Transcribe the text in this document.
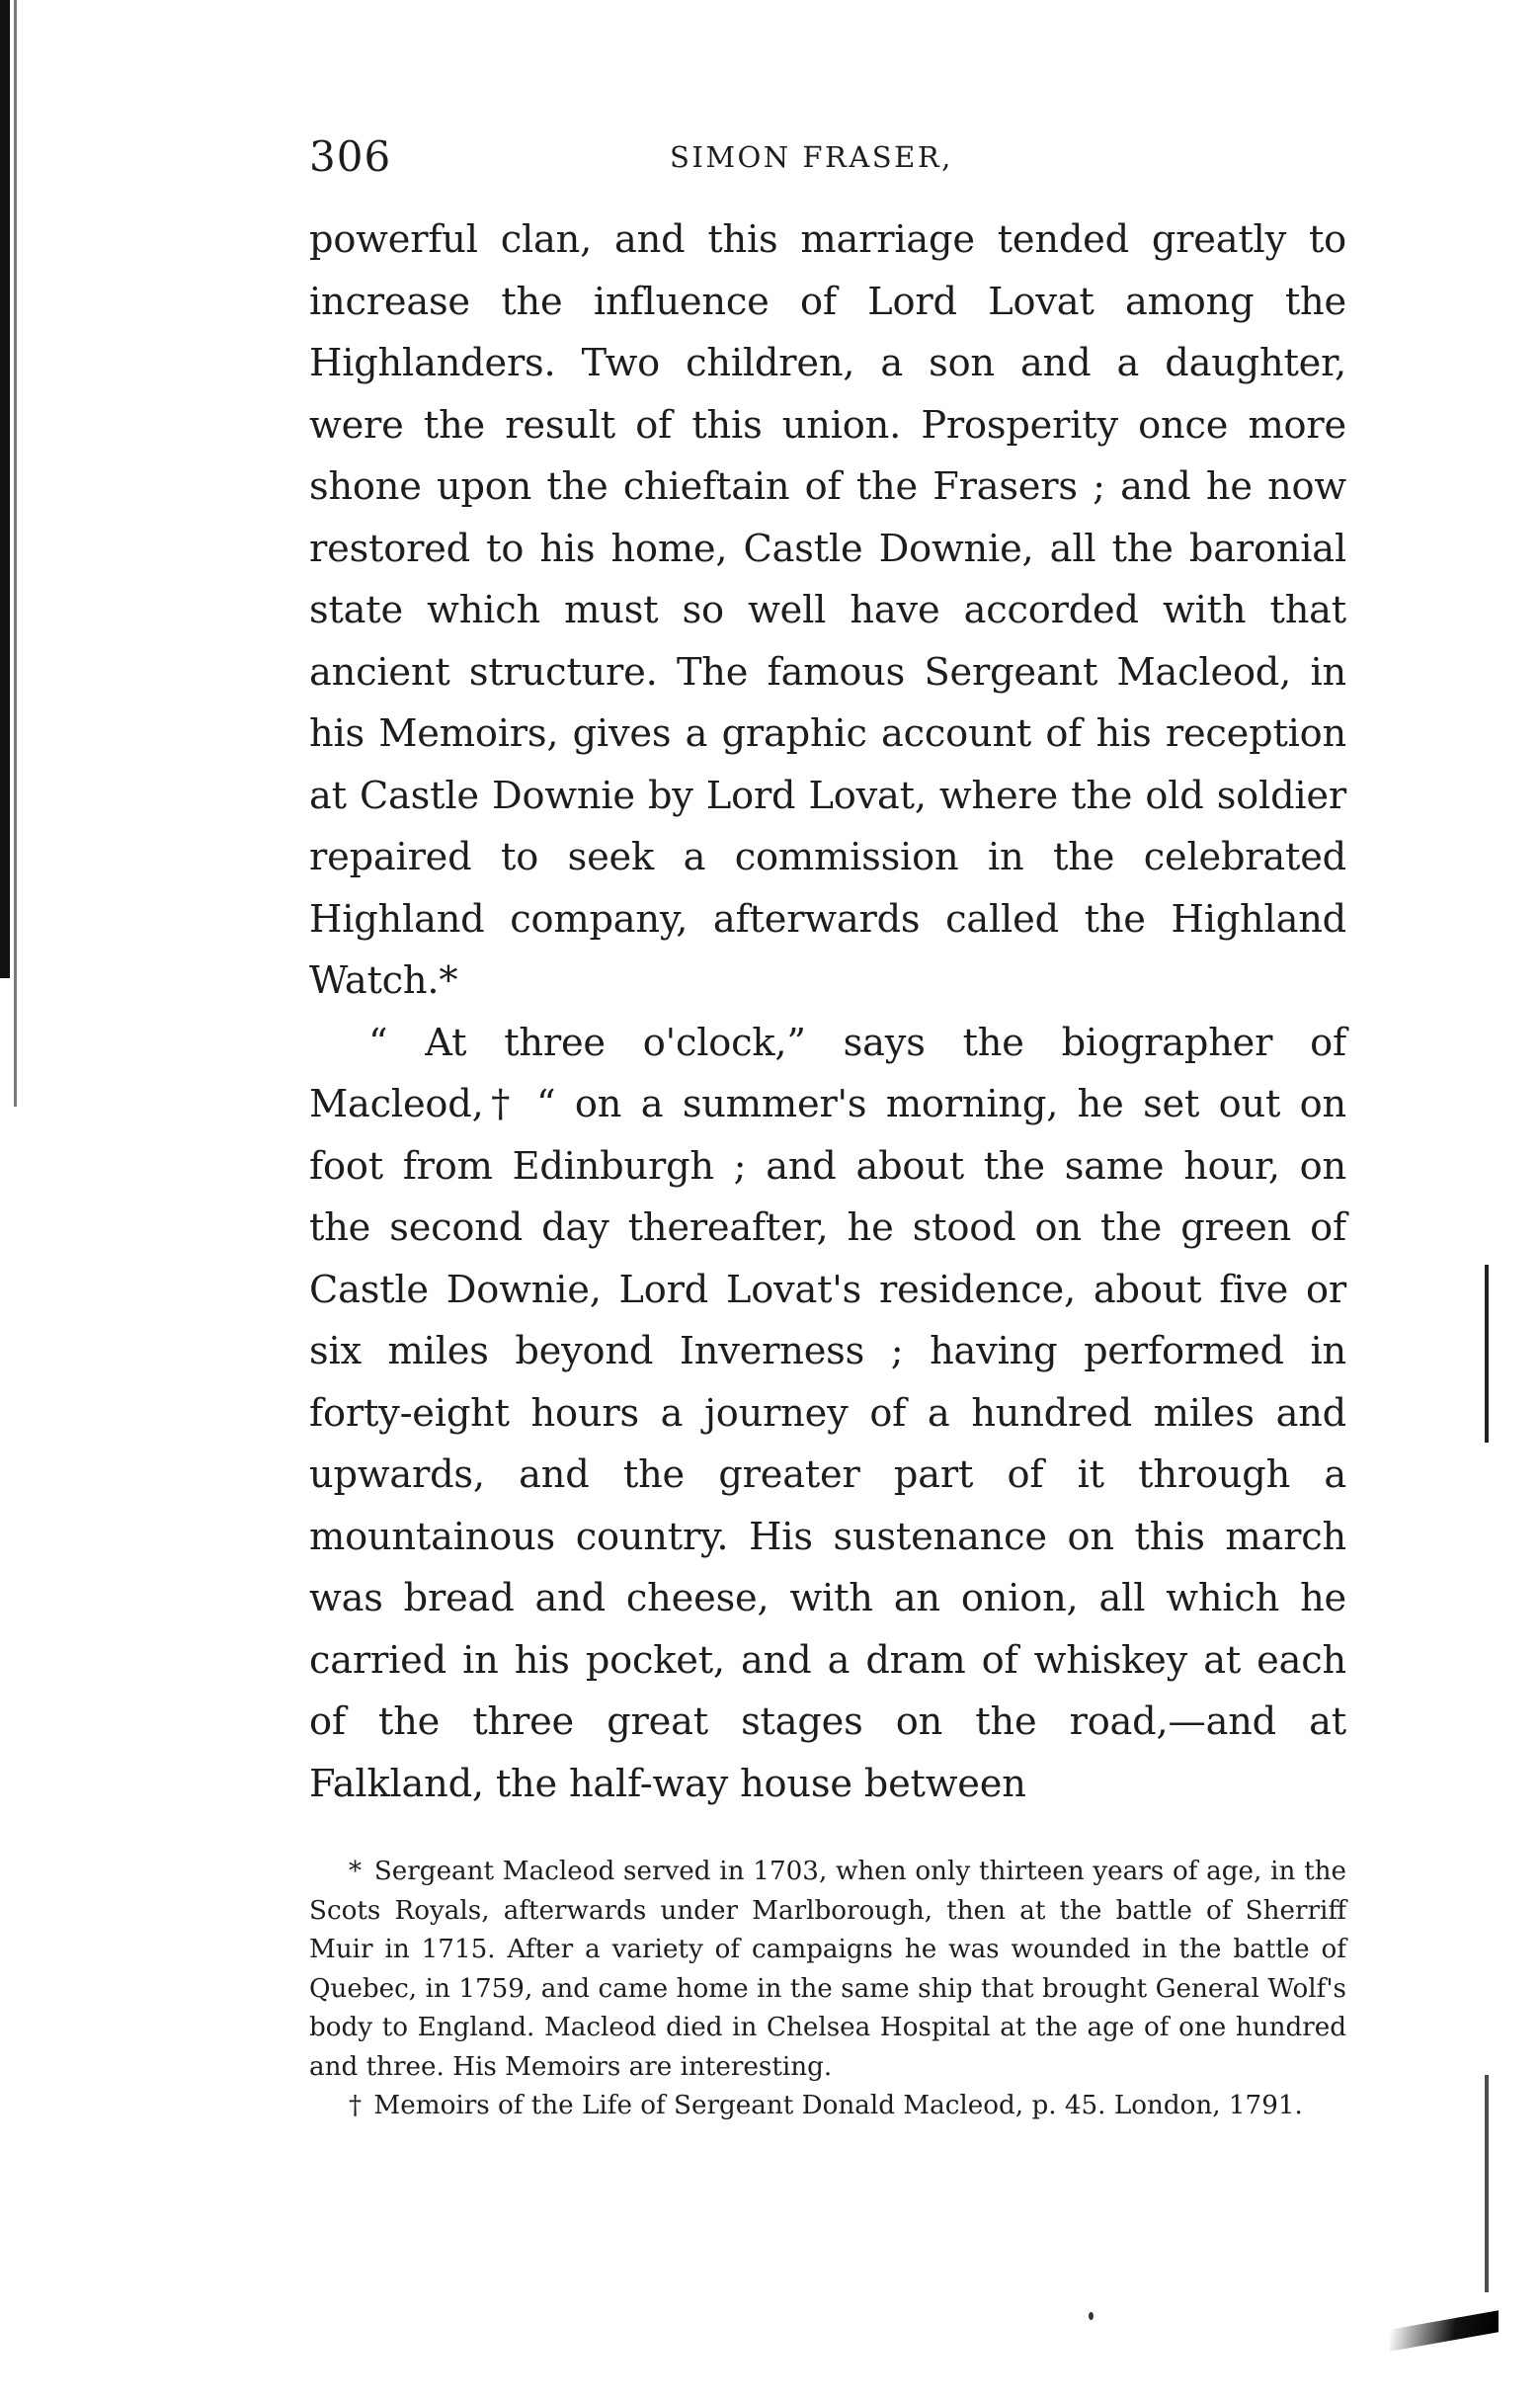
306	SIMON FRASER,

powerful clan, and this marriage tended greatly to increase the influence of Lord Lovat among the Highlanders. Two children, a son and a daughter, were the result of this union. Prosperity once more shone upon the chieftain of the Frasers ; and he now restored to his home, Castle Downie, all the baronial state which must so well have accorded with that ancient structure. The famous Sergeant Macleod, in his Memoirs, gives a graphic account of his reception at Castle Downie by Lord Lovat, where the old soldier repaired to seek a commission in the celebrated Highland company, afterwards called the Highland Watch.*

“ At three o'clock,” says the biographer of Macleod,† “ on a summer's morning, he set out on foot from Edinburgh ; and about the same hour, on the second day thereafter, he stood on the green of Castle Downie, Lord Lovat's residence, about five or six miles beyond Inverness ; having performed in forty-eight hours a journey of a hundred miles and upwards, and the greater part of it through a mountainous country. His sustenance on this march was bread and cheese, with an onion, all which he carried in his pocket, and a dram of whiskey at each of the three great stages on the road,—and at Falkland, the half-way house between

* Sergeant Macleod served in 1703, when only thirteen years of age, in the Scots Royals, afterwards under Marlborough, then at the battle of Sherriff Muir in 1715. After a variety of campaigns he was wounded in the battle of Quebec, in 1759, and came home in the same ship that brought General Wolf's body to England. Macleod died in Chelsea Hospital at the age of one hundred and three. His Memoirs are interesting.

† Memoirs of the Life of Sergeant Donald Macleod, p. 45. London, 1791.
